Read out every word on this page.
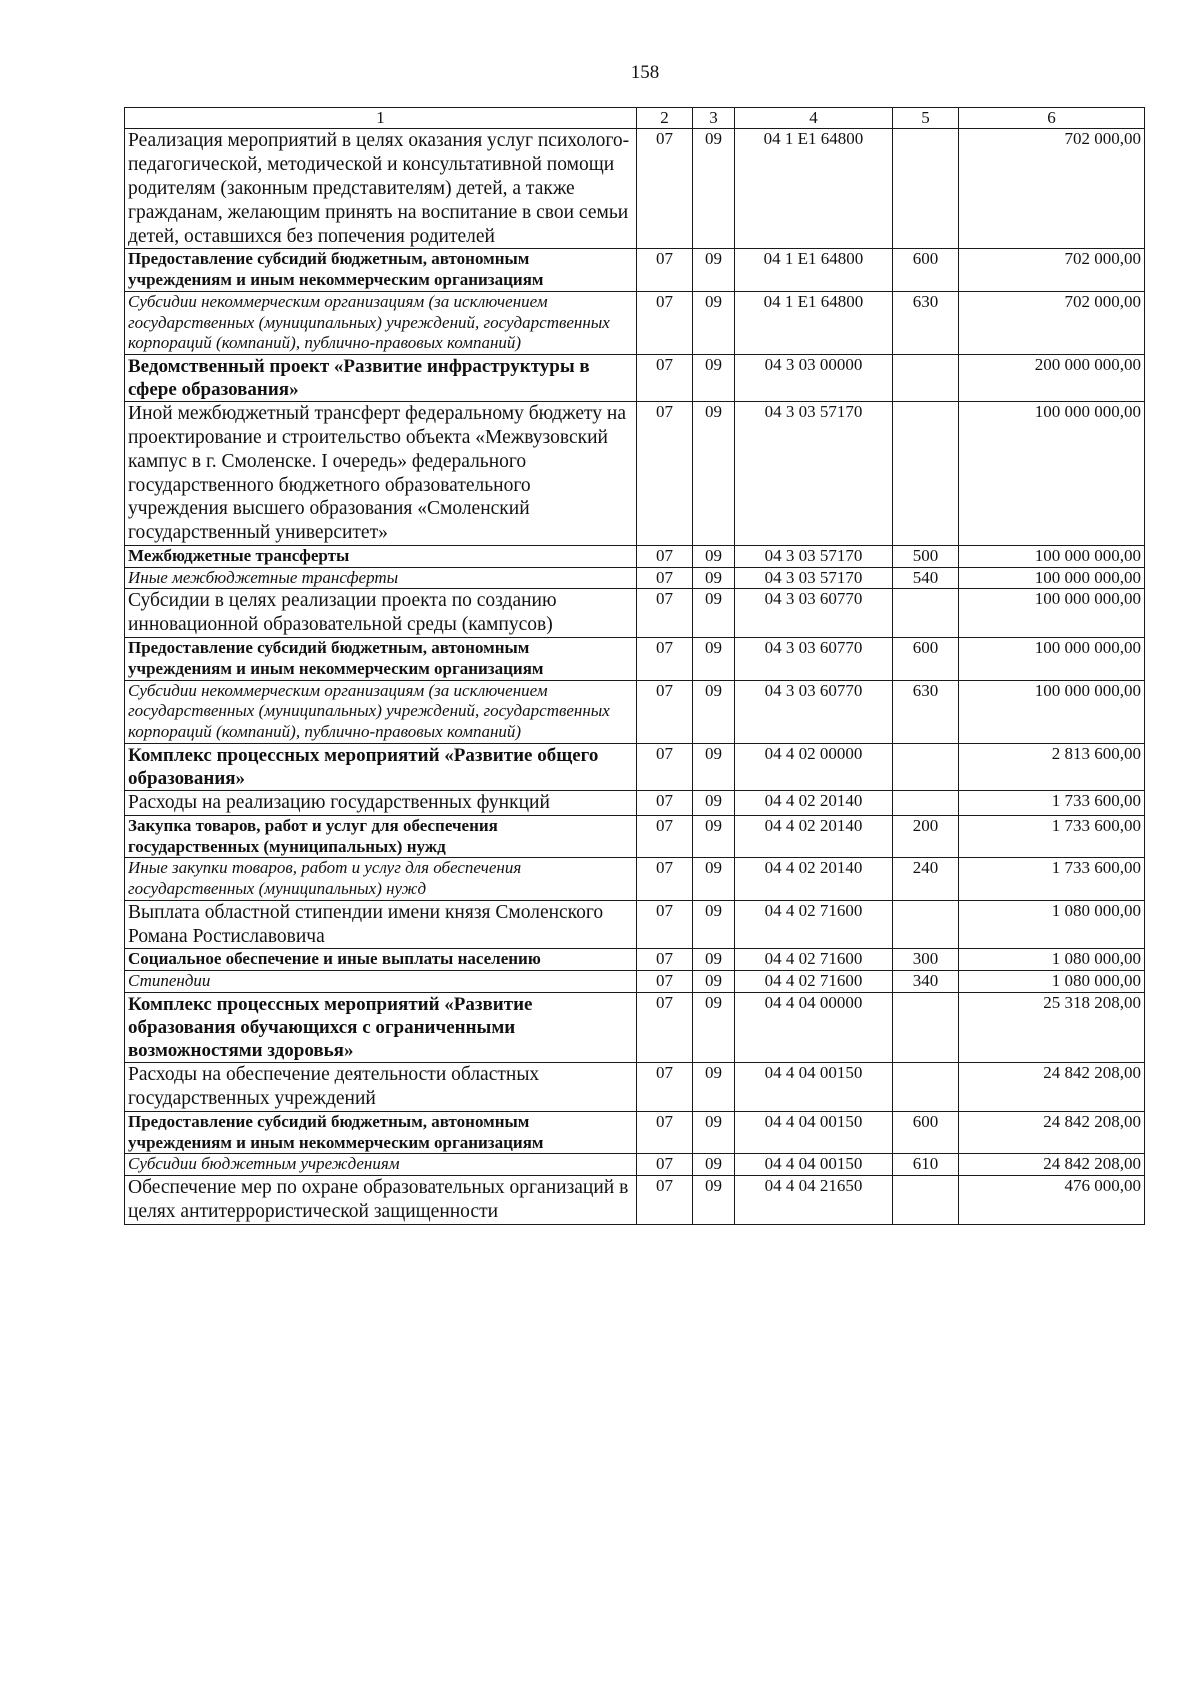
158
1	2	3	4	5	6
Реализация мероприятий в целях оказания услуг психолого-педагогической, методической и консультативной помощи родителям (законным представителям) детей, а также гражданам, желающим принять на воспитание в свои семьи детей, оставшихся без попечения родителей	07	09	04 1 E1 64800		702 000,00
Предоставление субсидий бюджетным, автономным учреждениям и иным некоммерческим организациям	07	09	04 1 E1 64800	600	702 000,00
Субсидии некоммерческим организациям (за исключением государственных (муниципальных) учреждений, государственных корпораций (компаний), публично-правовых компаний)	07	09	04 1 E1 64800	630	702 000,00
Ведомственный проект «Развитие инфраструктуры в сфере образования»	07	09	04 3 03 00000		200 000 000,00
Иной межбюджетный трансферт федеральному бюджету на проектирование и строительство объекта «Межвузовский кампус в г. Смоленске. I очередь» федерального государственного бюджетного образовательного учреждения высшего образования «Смоленский государственный университет»	07	09	04 3 03 57170		100 000 000,00
Межбюджетные трансферты	07	09	04 3 03 57170	500	100 000 000,00
Иные межбюджетные трансферты	07	09	04 3 03 57170	540	100 000 000,00
Субсидии в целях реализации проекта по созданию инновационной образовательной среды (кампусов)	07	09	04 3 03 60770		100 000 000,00
Предоставление субсидий бюджетным, автономным учреждениям и иным некоммерческим организациям	07	09	04 3 03 60770	600	100 000 000,00
Субсидии некоммерческим организациям (за исключением государственных (муниципальных) учреждений, государственных корпораций (компаний), публично-правовых компаний)	07	09	04 3 03 60770	630	100 000 000,00
Комплекс процессных мероприятий «Развитие общего образования»	07	09	04 4 02 00000		2 813 600,00
Расходы на реализацию государственных функций	07	09	04 4 02 20140		1 733 600,00
Закупка товаров, работ и услуг для обеспечения государственных (муниципальных) нужд	07	09	04 4 02 20140	200	1 733 600,00
Иные закупки товаров, работ и услуг для обеспечения государственных (муниципальных) нужд	07	09	04 4 02 20140	240	1 733 600,00
Выплата областной стипендии имени князя Смоленского Романа Ростиславовича	07	09	04 4 02 71600		1 080 000,00
Социальное обеспечение и иные выплаты населению	07	09	04 4 02 71600	300	1 080 000,00
Стипендии	07	09	04 4 02 71600	340	1 080 000,00
Комплекс процессных мероприятий «Развитие образования обучающихся с ограниченными возможностями здоровья»	07	09	04 4 04 00000		25 318 208,00
Расходы на обеспечение деятельности областных государственных учреждений	07	09	04 4 04 00150		24 842 208,00
Предоставление субсидий бюджетным, автономным учреждениям и иным некоммерческим организациям	07	09	04 4 04 00150	600	24 842 208,00
Субсидии бюджетным учреждениям	07	09	04 4 04 00150	610	24 842 208,00
Обеспечение мер по охране образовательных организаций в целях антитеррористической защищенности	07	09	04 4 04 21650		476 000,00
